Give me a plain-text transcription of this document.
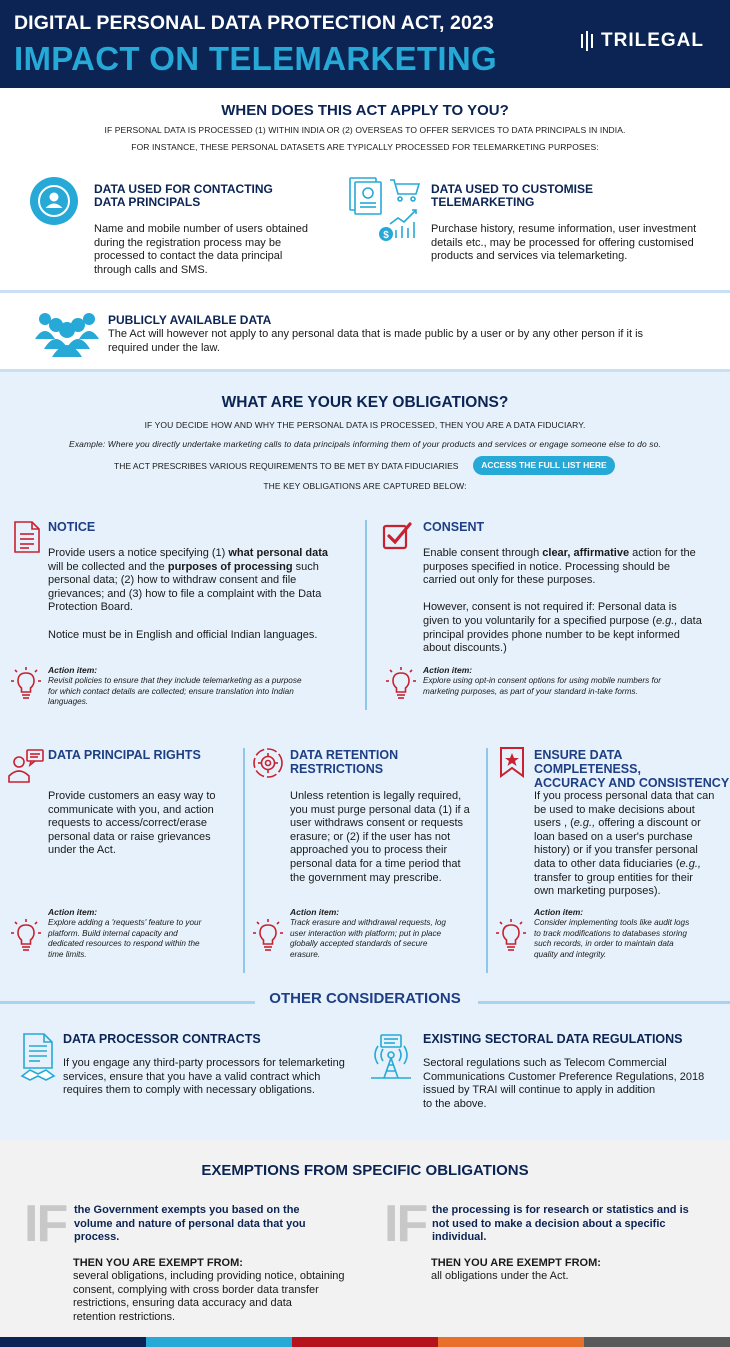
DIGITAL PERSONAL DATA PROTECTION ACT, 2023
IMPACT ON TELEMARKETING	TRILEGAL
WHEN DOES THIS ACT APPLY TO YOU?
IF PERSONAL DATA IS PROCESSED (1) WITHIN INDIA OR (2) OVERSEAS TO OFFER SERVICES TO DATA PRINCIPALS IN INDIA.
FOR INSTANCE, THESE PERSONAL DATASETS ARE TYPICALLY PROCESSED FOR TELEMARKETING PURPOSES:
DATA USED FOR CONTACTING
DATA PRINCIPALS
Name and mobile number of users obtained
during the registration process may be
processed to contact the data principal
through calls and SMS.
$
DATA USED TO CUSTOMISE
TELEMARKETING
Purchase history, resume information, user investment
details etc., may be processed for offering customised
products and services via telemarketing.
PUBLICLY AVAILABLE DATA
The Act will however not apply to any personal data that is made public by a user or by any other person if it is
required under the law.
WHAT ARE YOUR KEY OBLIGATIONS?
IF YOU DECIDE HOW AND WHY THE PERSONAL DATA IS PROCESSED, THEN YOU ARE A DATA FIDUCIARY.
Example: Where you directly undertake marketing calls to data principals informing them of your products and services or engage someone else to do so.
THE ACT PRESCRIBES VARIOUS REQUIREMENTS TO BE MET BY DATA FIDUCIARIES	ACCESS THE FULL LIST HERE
THE KEY OBLIGATIONS ARE CAPTURED BELOW:
NOTICE
Provide users a notice specifying (1) what personal data
will be collected and the purposes of processing such
personal data; (2) how to withdraw consent and file
grievances; and (3) how to file a complaint with the Data
Protection Board.
Notice must be in English and official Indian languages.
Action item:
Revisit policies to ensure that they include telemarketing as a purpose
for which contact details are collected; ensure translation into Indian
languages.
CONSENT
Enable consent through clear, affirmative action for the
purposes specified in notice. Processing should be
carried out only for these purposes.
However, consent is not required if: Personal data is
given to you voluntarily for a specified purpose (e.g., data
principal provides phone number to be kept informed
about discounts.)
Action item:
Explore using opt-in consent options for using mobile numbers for
marketing purposes, as part of your standard in-take forms.
DATA PRINCIPAL RIGHTS
Provide customers an easy way to
communicate with you, and action
requests to access/correct/erase
personal data or raise grievances
under the Act.
Action item:
Explore adding a 'requests' feature to your
platform. Build internal capacity and
dedicated resources to respond within the
time limits.
DATA RETENTION
RESTRICTIONS
Unless retention is legally required,
you must purge personal data (1) if a
user withdraws consent or requests
erasure; or (2) if the user has not
approached you to process their
personal data for a time period that
the government may prescribe.
Action item:
Track erasure and withdrawal requests, log
user interaction with platform; put in place
globally accepted standards of secure
erasure.
ENSURE DATA COMPLETENESS,
ACCURACY AND CONSISTENCY
If you process personal data that can
be used to make decisions about
users , (e.g., offering a discount or
loan based on a user's purchase
history) or if you transfer personal
data to other data fiduciaries (e.g.,
transfer to group entities for their
own marketing purposes).
Action item:
Consider implementing tools like audit logs
to track modifications to databases storing
such records, in order to maintain data
quality and integrity.
OTHER CONSIDERATIONS
DATA PROCESSOR CONTRACTS
If you engage any third-party processors for telemarketing
services, ensure that you have a valid contract which
requires them to comply with necessary obligations.
EXISTING SECTORAL DATA REGULATIONS
Sectoral regulations such as Telecom Commercial
Communications Customer Preference Regulations, 2018
issued by TRAI will continue to apply in addition
to the above.
EXEMPTIONS FROM SPECIFIC OBLIGATIONS
IF the Government exempts you based on the
volume and nature of personal data that you
process.
THEN YOU ARE EXEMPT FROM:
several obligations, including providing notice, obtaining
consent, complying with cross border data transfer
restrictions, ensuring data accuracy and data
retention restrictions.
IF the processing is for research or statistics and is
not used to make a decision about a specific
individual.
THEN YOU ARE EXEMPT FROM:
all obligations under the Act.
